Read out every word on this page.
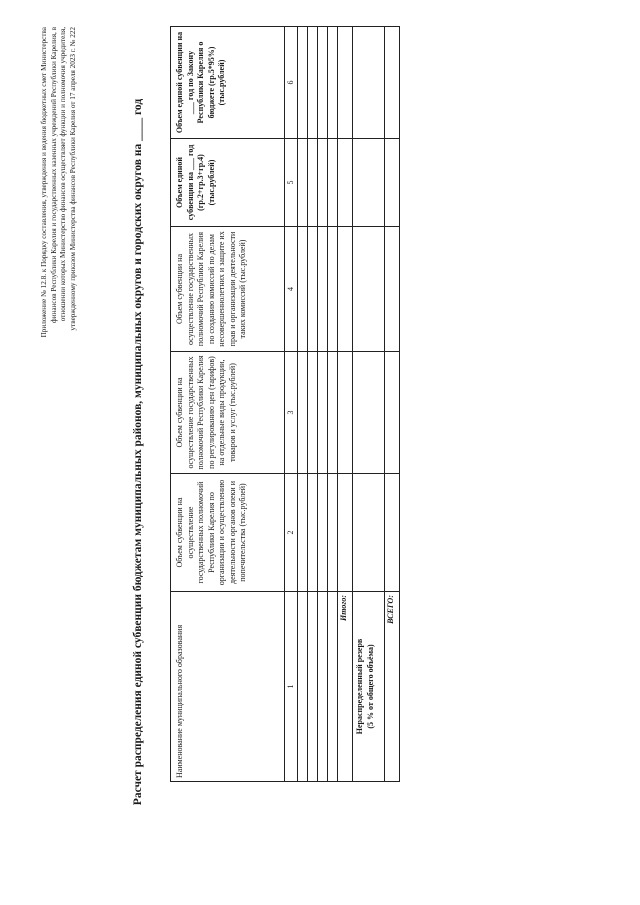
Приложение № 12.8. к Порядку составления, утверждения и ведения бюджетных смет Министерства финансов Республики Карелия и государственных казенных учреждений Республики Карелия, в отношении которых Министерство финансов осуществляет функции и полномочия учредителя, утвержденному приказом Министерства финансов Республики Карелия от 17 апреля 2023 г. № 222	Расчет распределения единой субвенции бюджетам муниципальных районов, муниципальных округов и городских округов на ____ год	Наименование муниципального образования	Объем субвенции на осуществление государственных полномочий Республики Карелия по организации и осуществлению деятельности органов опеки и попечительства (тыс.рублей)	Объем субвенции на осуществление государственных полномочий Республики Карелия по регулированию цен (тарифов) на отдельные виды продукции, товаров и услуг (тыс.рублей)	Объем субвенции на осуществление государственных полномочий Республики Карелия по созданию комиссий по делам несовершеннолетних и защите их прав и организации деятельности таких комиссий (тыс.рублей)	Объем единой субвенции на ___ год (гр.2+гр.3+гр.4) (тыс.рублей)	Объем единой субвенции на ___ год по Закону Республики Карелия о бюджете (гр.5*95%) (тыс.рублей)
1	2	3	4	5	6

Итого:					

Нераспределенный резерв (5 % от общего объёма)					

ВСЕГО:					
